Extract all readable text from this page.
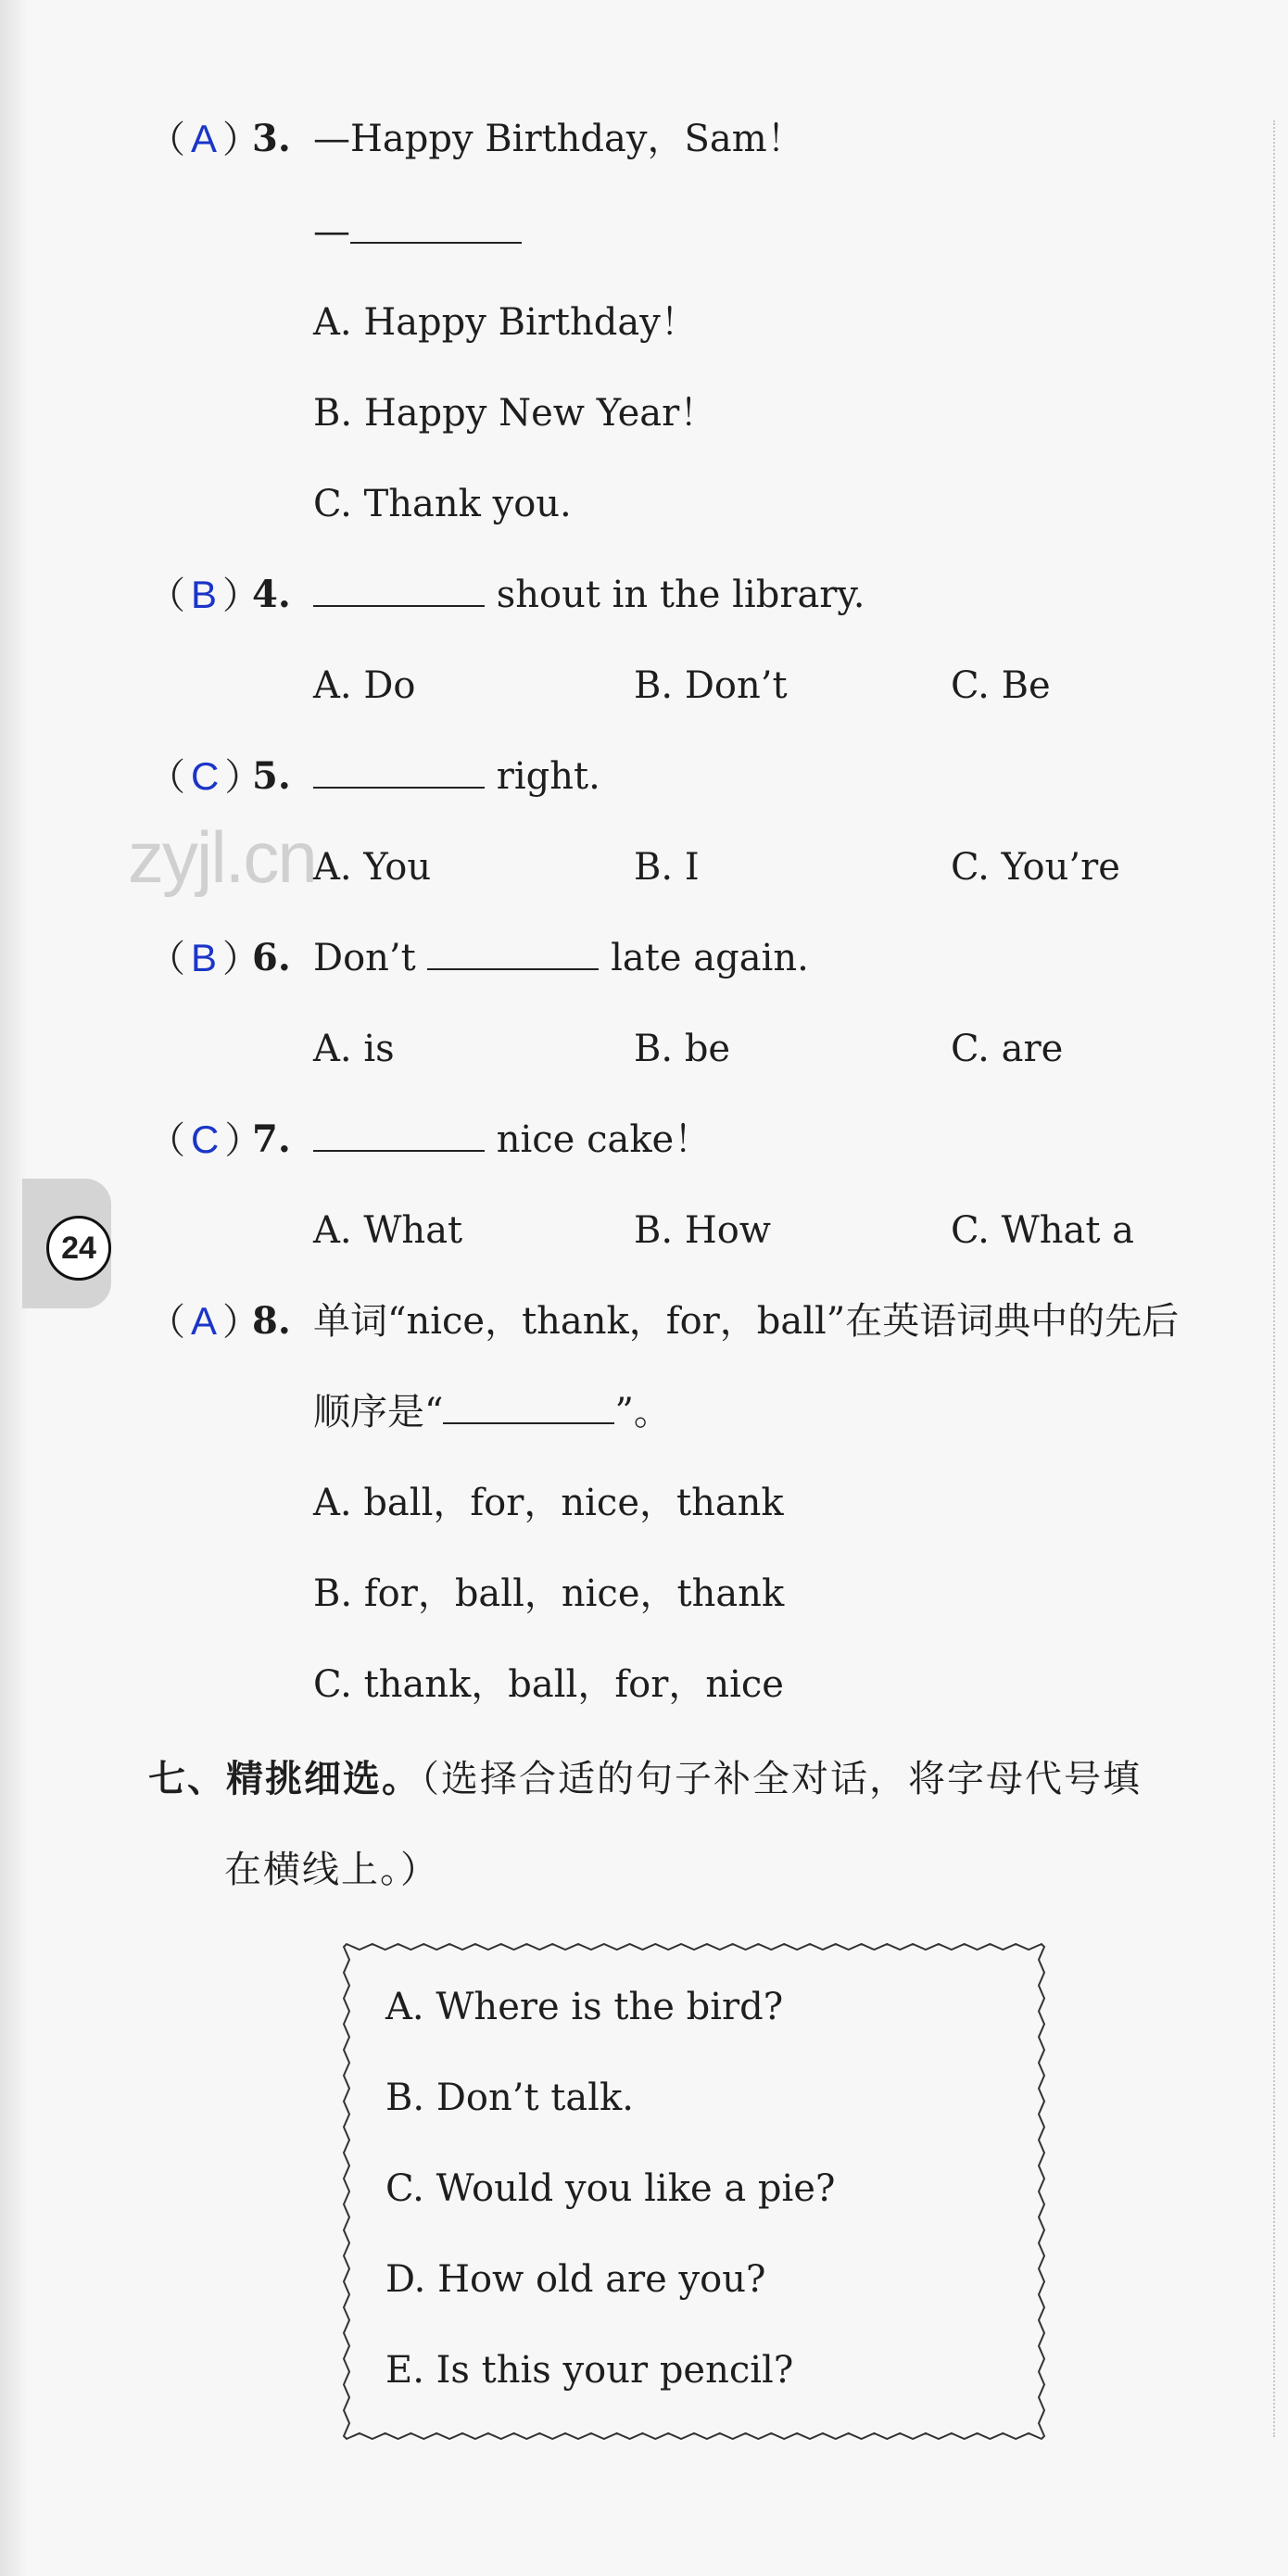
24
zyjl.cn
（ A ）
3. —Happy Birthday，Sam！
—
A. Happy Birthday！
B. Happy New Year！
C. Thank you.
（ B ）
4.	shout in the library.
A. Do	B. Don’t	C. Be
（ C ）
5.	right.
A. You	B. I	C. You’re
（ B ）
6. Don’t	late again.
A. is	B. be	C. are
（ C ）
7.	nice cake！
A. What	B. How	C. What a
（ A ）
8. 单词“nice，thank，for，ball”在英语词典中的先后
顺序是“	”。
A. ball，for，nice，thank
B. for，ball，nice，thank
C. thank，ball，for，nice
七、精挑细选。（选择合适的句子补全对话，将字母代号填
在横线上。）
A. Where is the bird?
B. Don’t talk.
C. Would you like a pie?
D. How old are you?
E. Is this your pencil?
